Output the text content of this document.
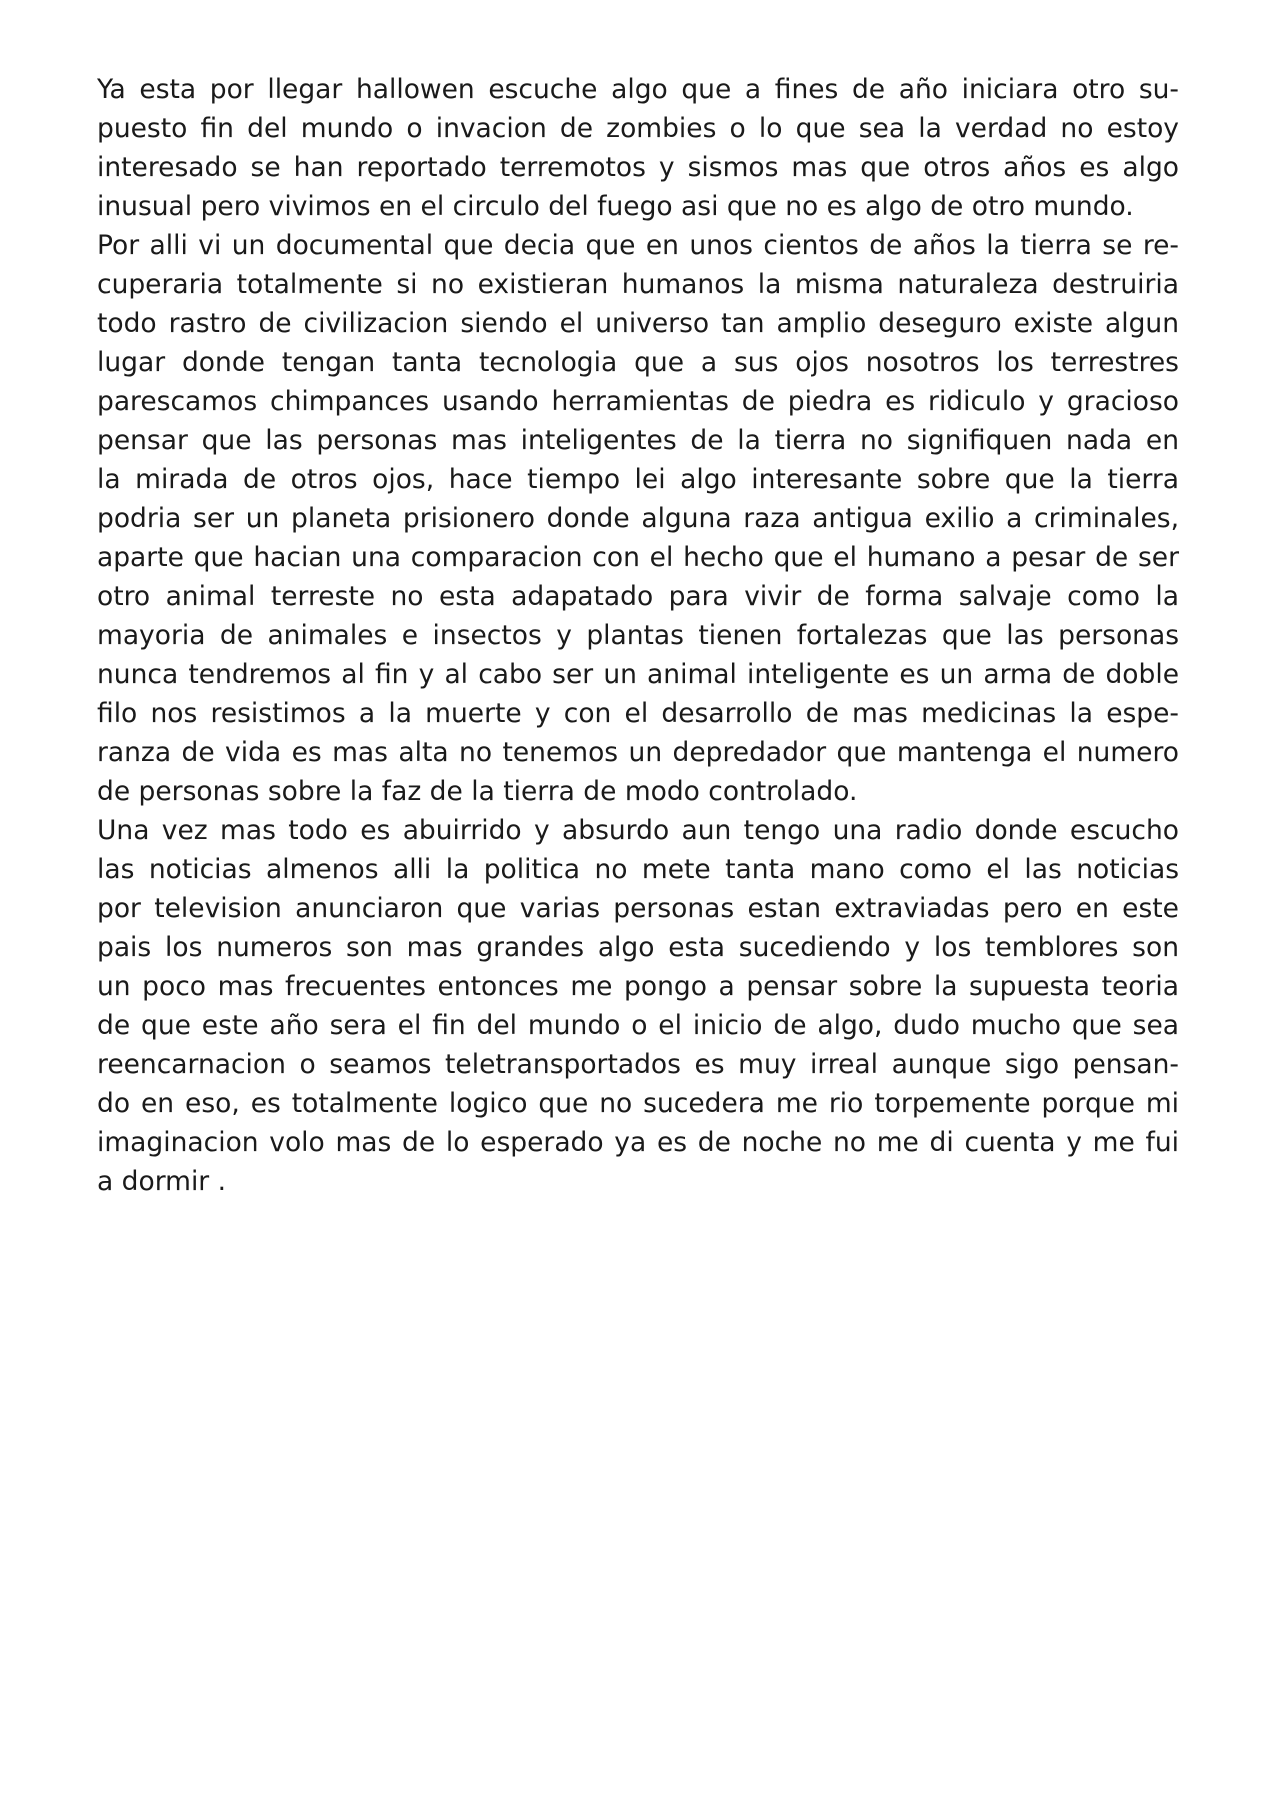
Ya esta por llegar hallowen escuche algo que a fines de año iniciara otro su-
puesto fin del mundo o invacion de zombies o lo que sea la verdad no estoy
interesado se han reportado terremotos y sismos mas que otros años es algo
inusual pero vivimos en el circulo del fuego asi que no es algo de otro mundo.
Por alli vi un documental que decia que en unos cientos de años la tierra se re-
cuperaria totalmente si no existieran humanos la misma naturaleza destruiria
todo rastro de civilizacion siendo el universo tan amplio deseguro existe algun
lugar donde tengan tanta tecnologia que a sus ojos nosotros los terrestres
parescamos chimpances usando herramientas de piedra es ridiculo y gracioso
pensar que las personas mas inteligentes de la tierra no signifiquen nada en
la mirada de otros ojos, hace tiempo lei algo interesante sobre que la tierra
podria ser un planeta prisionero donde alguna raza antigua exilio a criminales,
aparte que hacian una comparacion con el hecho que el humano a pesar de ser
otro animal terreste no esta adapatado para vivir de forma salvaje como la
mayoria de animales e insectos y plantas tienen fortalezas que las personas
nunca tendremos al fin y al cabo ser un animal inteligente es un arma de doble
filo nos resistimos a la muerte y con el desarrollo de mas medicinas la espe-
ranza de vida es mas alta no tenemos un depredador que mantenga el numero
de personas sobre la faz de la tierra de modo controlado.
Una vez mas todo es abuirrido y absurdo aun tengo una radio donde escucho
las noticias almenos alli la politica no mete tanta mano como el las noticias
por television anunciaron que varias personas estan extraviadas pero en este
pais los numeros son mas grandes algo esta sucediendo y los temblores son
un poco mas frecuentes entonces me pongo a pensar sobre la supuesta teoria
de que este año sera el fin del mundo o el inicio de algo, dudo mucho que sea
reencarnacion o seamos teletransportados es muy irreal aunque sigo pensan-
do en eso, es totalmente logico que no sucedera me rio torpemente porque mi
imaginacion volo mas de lo esperado ya es de noche no me di cuenta y me fui
a dormir .
